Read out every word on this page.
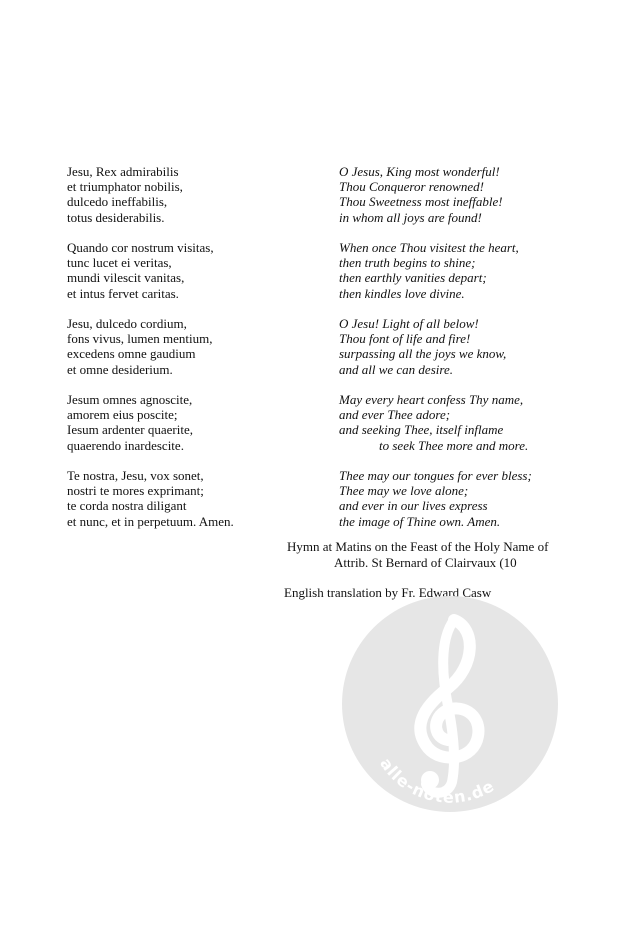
Jesu, Rex admirabilis
et triumphator nobilis,
dulcedo ineffabilis,
totus desiderabilis.
Quando cor nostrum visitas,
tunc lucet ei veritas,
mundi vilescit vanitas,
et intus fervet caritas.
Jesu, dulcedo cordium,
fons vivus, lumen mentium,
excedens omne gaudium
et omne desiderium.
Jesum omnes agnoscite,
amorem eius poscite;
Iesum ardenter quaerite,
quaerendo inardescite.
Te nostra, Jesu, vox sonet,
nostri te mores exprimant;
te corda nostra diligant
et nunc, et in perpetuum. Amen.
O Jesus, King most wonderful!
Thou Conqueror renowned!
Thou Sweetness most ineffable!
in whom all joys are found!
When once Thou visitest the heart,
then truth begins to shine;
then earthly vanities depart;
then kindles love divine.
O Jesu! Light of all below!
Thou font of life and fire!
surpassing all the joys we know,
and all we can desire.
May every heart confess Thy name,
and ever Thee adore;
and seeking Thee, itself inflame
to seek Thee more and more.
Thee may our tongues for ever bless;
Thee may we love alone;
and ever in our lives express
the image of Thine own. Amen.
Hymn at Matins on the Feast of the Holy Name of
Attrib. St Bernard of Clairvaux (10
English translation by Fr. Edward Casw
alle-noten.de
